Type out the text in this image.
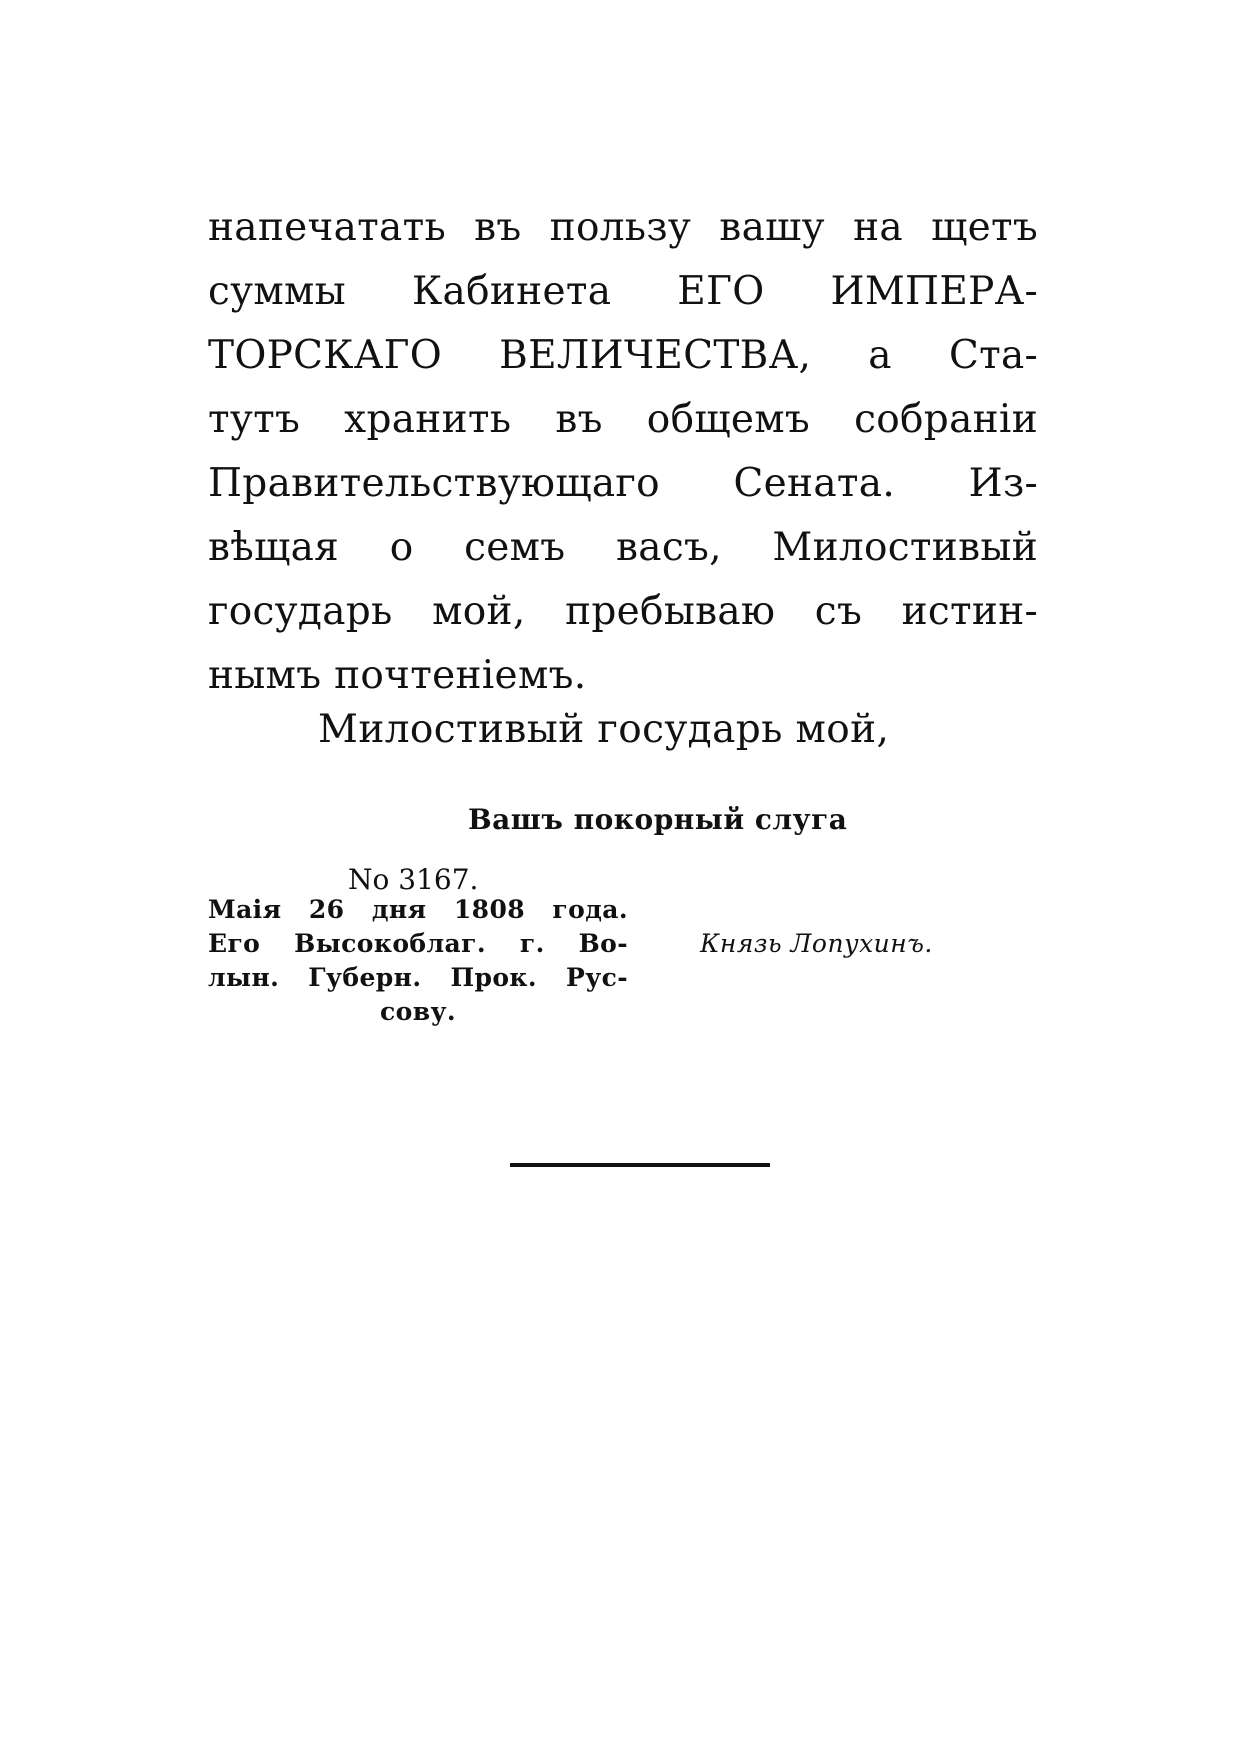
напечатать въ пользу вашу на щетъ
суммы Кабинета ЕГО ИМПЕРА-
ТОРСКАГО ВЕЛИЧЕСТВА, а Ста-
тутъ хранить въ общемъ собраніи
Правительствующаго Сената. Из-
вѣщая о семъ васъ, Милостивый
государь мой, пребываю съ истин-
нымъ почтеніемъ.
Милостивый государь мой,
Вашъ покорный слуга
No 3167.
Маія 26 дня 1808 года.
Его Высокоблаг. г. Во-
лын. Губерн. Прок. Рус-
сову.
Князь Лопухинъ.
